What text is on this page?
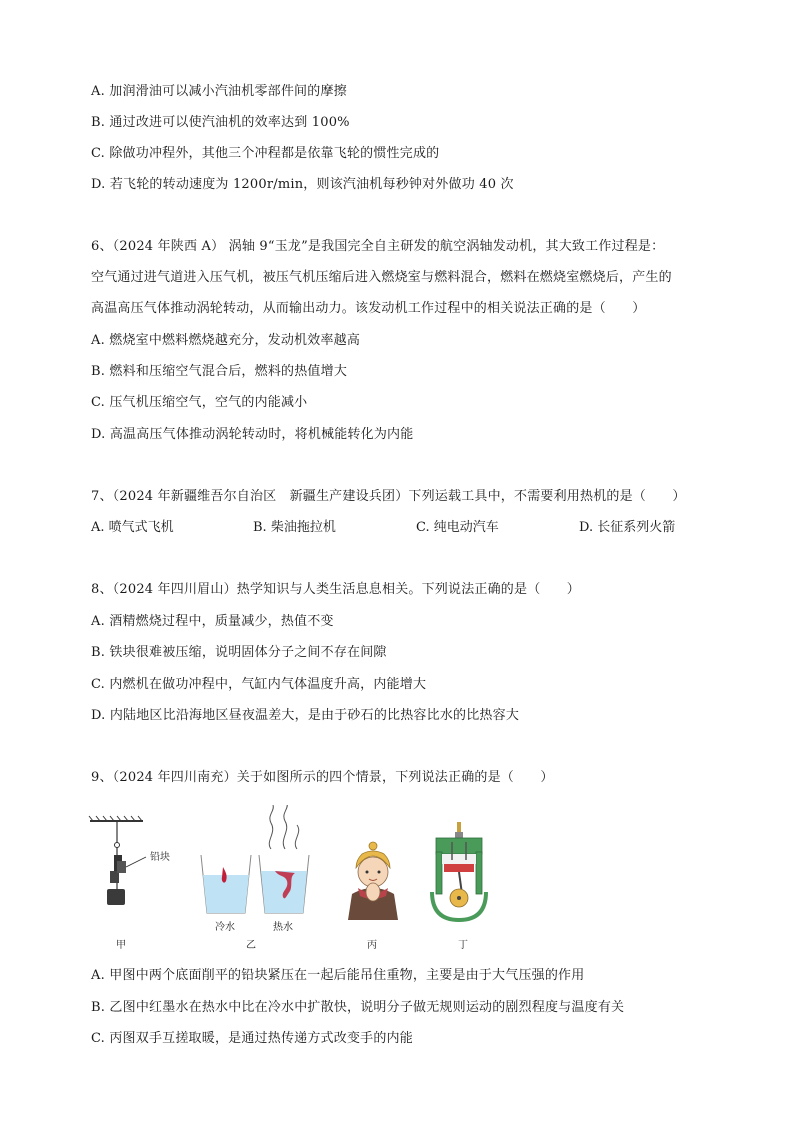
A. 加润滑油可以减小汽油机零部件间的摩擦
B. 通过改进可以使汽油机的效率达到 100%
C. 除做功冲程外，其他三个冲程都是依靠飞轮的惯性完成的
D. 若飞轮的转动速度为 1200r/min，则该汽油机每秒钟对外做功 40 次
6、（2024 年陕西 A） 涡轴 9“玉龙”是我国完全自主研发的航空涡轴发动机，其大致工作过程是：
空气通过进气道进入压气机，被压气机压缩后进入燃烧室与燃料混合，燃料在燃烧室燃烧后，产生的
高温高压气体推动涡轮转动，从而输出动力。该发动机工作过程中的相关说法正确的是（　　）
A. 燃烧室中燃料燃烧越充分，发动机效率越高
B. 燃料和压缩空气混合后，燃料的热值增大
C. 压气机压缩空气，空气的内能减小
D. 高温高压气体推动涡轮转动时，将机械能转化为内能
7、（2024 年新疆维吾尔自治区　新疆生产建设兵团）下列运载工具中，不需要利用热机的是（　　）
A. 喷气式飞机	B. 柴油拖拉机	C. 纯电动汽车	D. 长征系列火箭
8、（2024 年四川眉山）热学知识与人类生活息息相关。下列说法正确的是（　　）
A. 酒精燃烧过程中，质量减少，热值不变
B. 铁块很难被压缩，说明固体分子之间不存在间隙
C. 内燃机在做功冲程中，气缸内气体温度升高，内能增大
D. 内陆地区比沿海地区昼夜温差大，是由于砂石的比热容比水的比热容大
9、（2024 年四川南充）关于如图所示的四个情景，下列说法正确的是（　　）
铅块
甲
冷水	热水
乙	丙	丁
A. 甲图中两个底面削平的铅块紧压在一起后能吊住重物，主要是由于大气压强的作用
B. 乙图中红墨水在热水中比在冷水中扩散快，说明分子做无规则运动的剧烈程度与温度有关
C. 丙图双手互搓取暖，是通过热传递方式改变手的内能
